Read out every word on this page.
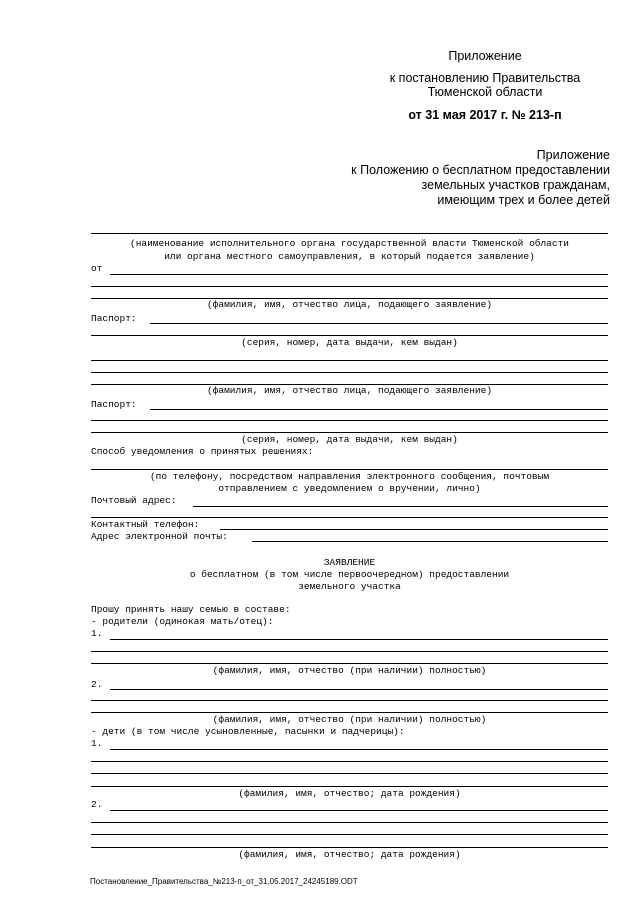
Приложение
к постановлению Правительства
Тюменской области
от 31 мая 2017 г. № 213-п
Приложение
к Положению о бесплатном предоставлении
земельных участков гражданам,
имеющим трех и более детей
(наименование исполнительного органа государственной власти Тюменской области
или органа местного самоуправления, в который подается заявление)
от
(фамилия, имя, отчество лица, подающего заявление)
Паспорт:
(серия, номер, дата выдачи, кем выдан)
(фамилия, имя, отчество лица, подающего заявление)
Паспорт:
(серия, номер, дата выдачи, кем выдан)
Способ уведомления о принятых решениях:
(по телефону, посредством направления электронного сообщения, почтовым
отправлением с уведомлением о вручении, лично)
Почтовый адрес:
Контактный телефон:
Адрес электронной почты:
ЗАЯВЛЕНИЕ
о бесплатном (в том числе первоочередном) предоставлении
земельного участка
Прошу принять нашу семью в составе:
- родители (одинокая мать/отец):
1.
(фамилия, имя, отчество (при наличии) полностью)
2.
(фамилия, имя, отчество (при наличии) полностью)
- дети (в том числе усыновленные, пасынки и падчерицы):
1.
(фамилия, имя, отчество; дата рождения)
2.
(фамилия, имя, отчество; дата рождения)
Постановление_Правительства_№213-п_от_31.05.2017_24245189.ODT
